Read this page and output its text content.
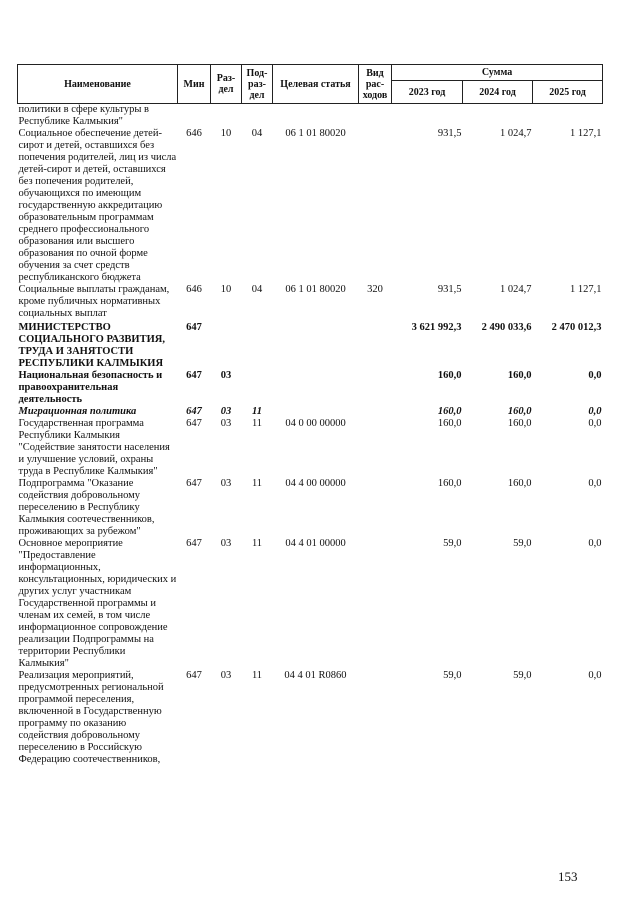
Наименование	Мин	Раз-дел	Под-раз-дел	Целевая статья	Вид рас-ходов	Сумма		
						2023 год	2024 год	2025 год
политики в сфере культуры в Республике Калмыкия"								
Социальное обеспечение детей-сирот и детей, оставшихся без попечения родителей, лиц из числа детей-сирот и детей, оставшихся без попечения родителей, обучающихся по имеющим государственную аккредитацию образовательным программам среднего профессионального образования или высшего образования по очной форме обучения за счет средств республиканского бюджета	646	10	04	06 1 01 80020		931,5	1 024,7	1 127,1
Социальные выплаты гражданам, кроме публичных нормативных социальных выплат	646	10	04	06 1 01 80020	320	931,5	1 024,7	1 127,1
МИНИСТЕРСТВО СОЦИАЛЬНОГО РАЗВИТИЯ, ТРУДА И ЗАНЯТОСТИ РЕСПУБЛИКИ КАЛМЫКИЯ	647					3 621 992,3	2 490 033,6	2 470 012,3
Национальная безопасность и правоохранительная деятельность	647	03				160,0	160,0	0,0
Миграционная политика	647	03	11			160,0	160,0	0,0
Государственная программа Республики Калмыкия "Содействие занятости населения и улучшение условий, охраны труда в Республике Калмыкия"	647	03	11	04 0 00 00000		160,0	160,0	0,0
Подпрограмма "Оказание содействия добровольному переселению в Республику Калмыкия соотечественников, проживающих за рубежом"	647	03	11	04 4 00 00000		160,0	160,0	0,0
Основное мероприятие "Предоставление информационных, консультационных, юридических и других услуг участникам Государственной программы и членам их семей, в том числе информационное сопровождение реализации Подпрограммы на территории Республики Калмыкия"	647	03	11	04 4 01 00000		59,0	59,0	0,0
Реализация мероприятий, предусмотренных региональной программой переселения, включенной в Государственную программу по оказанию содействия добровольному переселению в Российскую Федерацию соотечественников,	647	03	11	04 4 01 R0860		59,0	59,0	0,0
153
